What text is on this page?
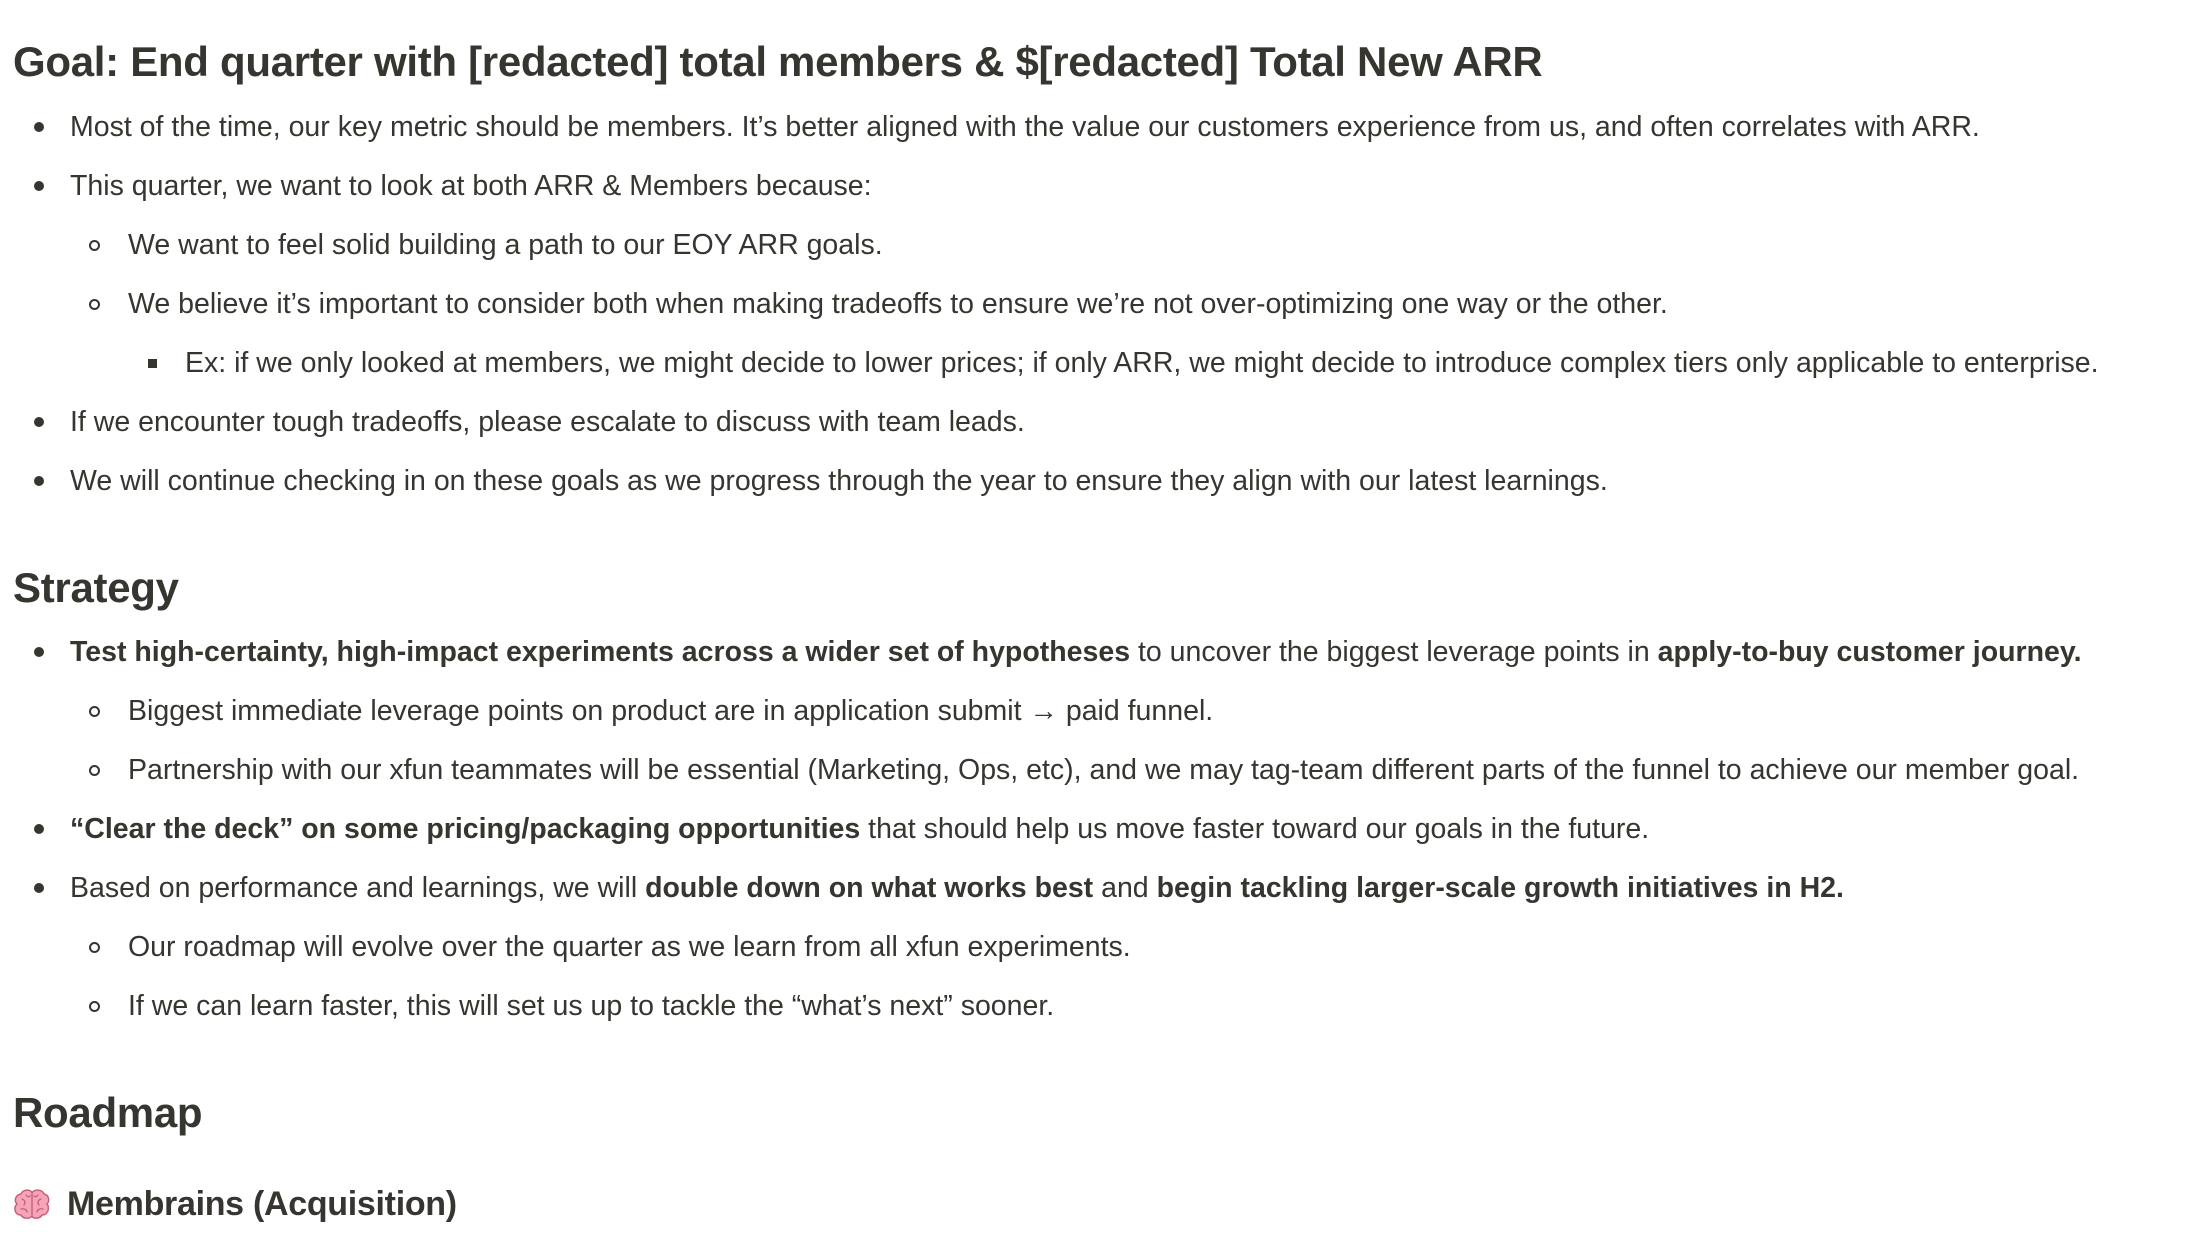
Goal: End quarter with [redacted] total members & $[redacted] Total New ARR
Most of the time, our key metric should be members. It’s better aligned with the value our customers experience from us, and often correlates with ARR.
This quarter, we want to look at both ARR & Members because:
We want to feel solid building a path to our EOY ARR goals.
We believe it’s important to consider both when making tradeoffs to ensure we’re not over-optimizing one way or the other.
Ex: if we only looked at members, we might decide to lower prices; if only ARR, we might decide to introduce complex tiers only applicable to enterprise.
If we encounter tough tradeoffs, please escalate to discuss with team leads.
We will continue checking in on these goals as we progress through the year to ensure they align with our latest learnings.
Strategy
Test high-certainty, high-impact experiments across a wider set of hypotheses to uncover the biggest leverage points in apply-to-buy customer journey.
Biggest immediate leverage points on product are in application submit → paid funnel.
Partnership with our xfun teammates will be essential (Marketing, Ops, etc), and we may tag-team different parts of the funnel to achieve our member goal.
“Clear the deck” on some pricing/packaging opportunities that should help us move faster toward our goals in the future.
Based on performance and learnings, we will double down on what works best and begin tackling larger-scale growth initiatives in H2.
Our roadmap will evolve over the quarter as we learn from all xfun experiments.
If we can learn faster, this will set us up to tackle the “what’s next” sooner.
Roadmap
Membrains (Acquisition)
